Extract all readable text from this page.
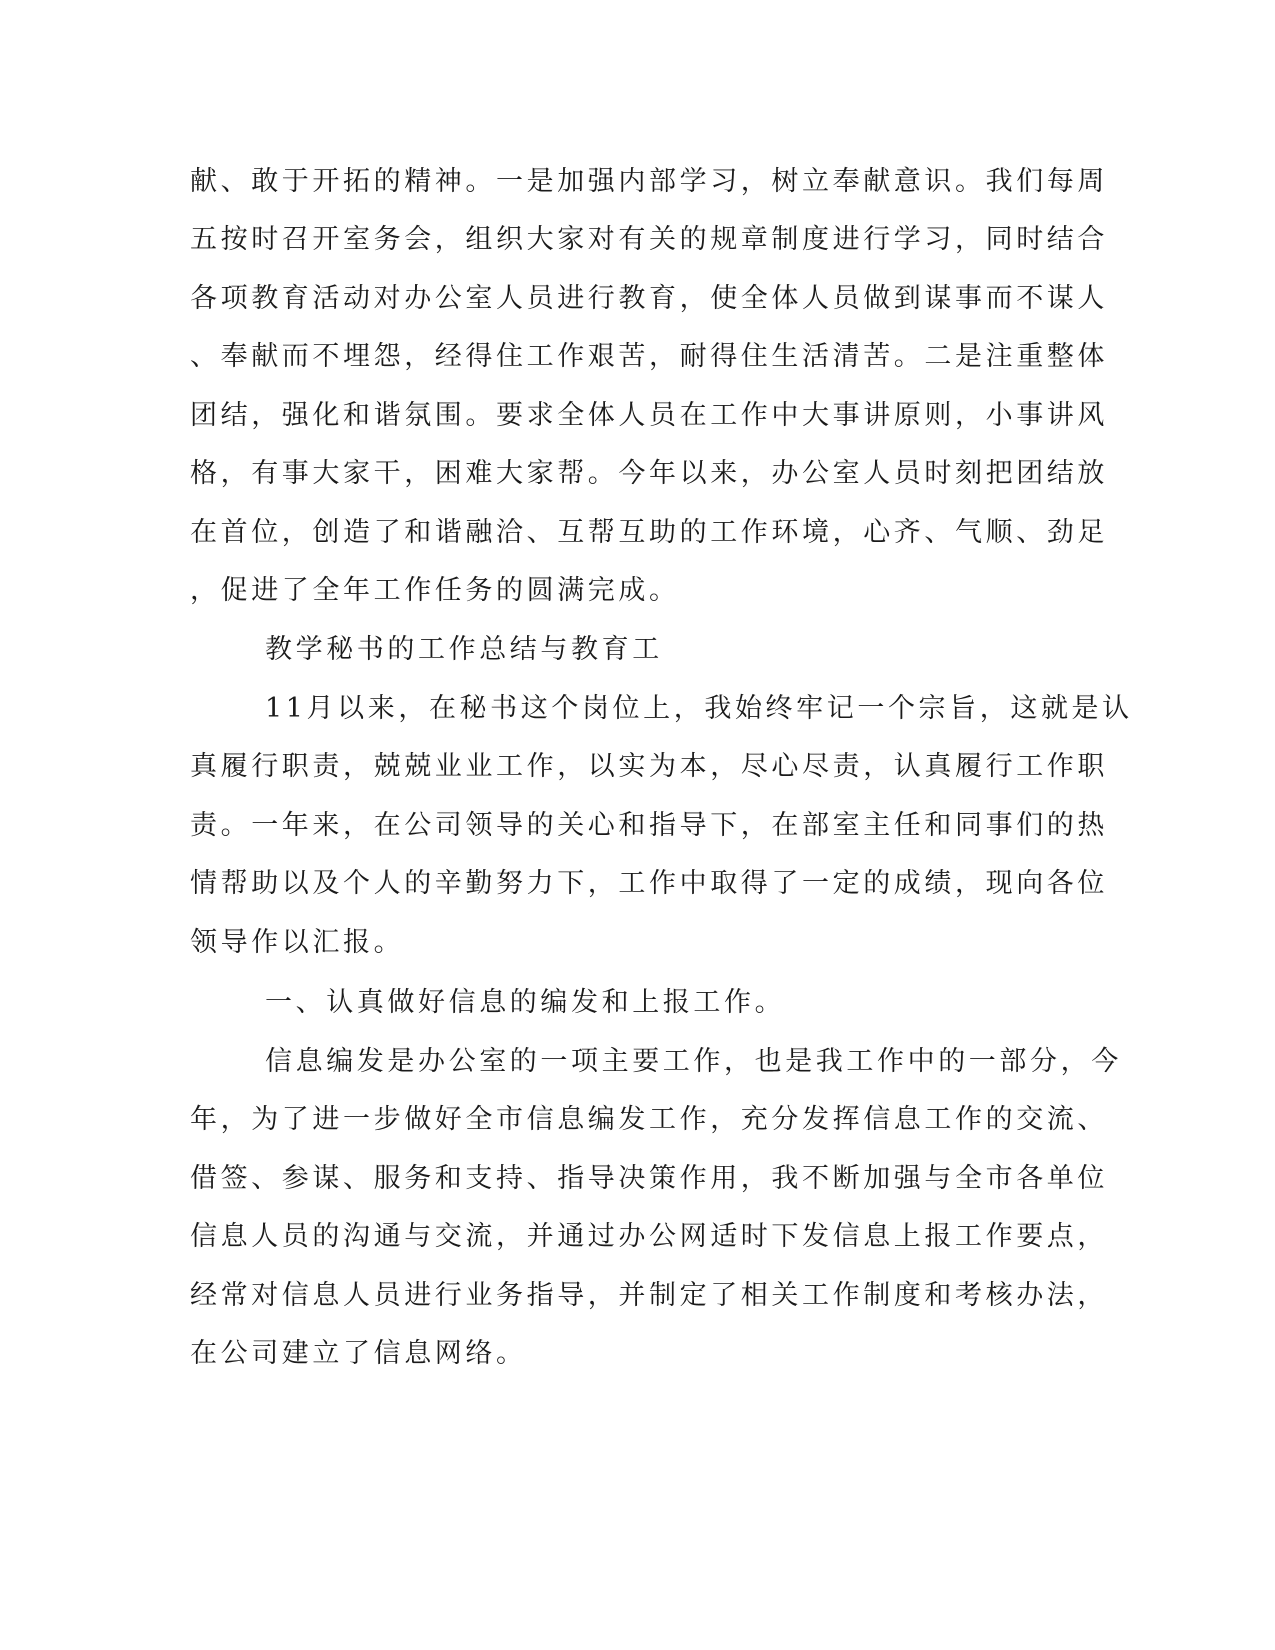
献、敢于开拓的精神。一是加强内部学习，树立奉献意识。我们每周
五按时召开室务会，组织大家对有关的规章制度进行学习，同时结合
各项教育活动对办公室人员进行教育，使全体人员做到谋事而不谋人
、奉献而不埋怨，经得住工作艰苦，耐得住生活清苦。二是注重整体
团结，强化和谐氛围。要求全体人员在工作中大事讲原则，小事讲风
格，有事大家干，困难大家帮。今年以来，办公室人员时刻把团结放
在首位，创造了和谐融洽、互帮互助的工作环境，心齐、气顺、劲足
，促进了全年工作任务的圆满完成。
教学秘书的工作总结与教育工
11月以来，在秘书这个岗位上，我始终牢记一个宗旨，这就是认
真履行职责，兢兢业业工作，以实为本，尽心尽责，认真履行工作职
责。一年来，在公司领导的关心和指导下，在部室主任和同事们的热
情帮助以及个人的辛勤努力下，工作中取得了一定的成绩，现向各位
领导作以汇报。
一、认真做好信息的编发和上报工作。
信息编发是办公室的一项主要工作，也是我工作中的一部分，今
年，为了进一步做好全市信息编发工作，充分发挥信息工作的交流、
借签、参谋、服务和支持、指导决策作用，我不断加强与全市各单位
信息人员的沟通与交流，并通过办公网适时下发信息上报工作要点，
经常对信息人员进行业务指导，并制定了相关工作制度和考核办法，
在公司建立了信息网络。
